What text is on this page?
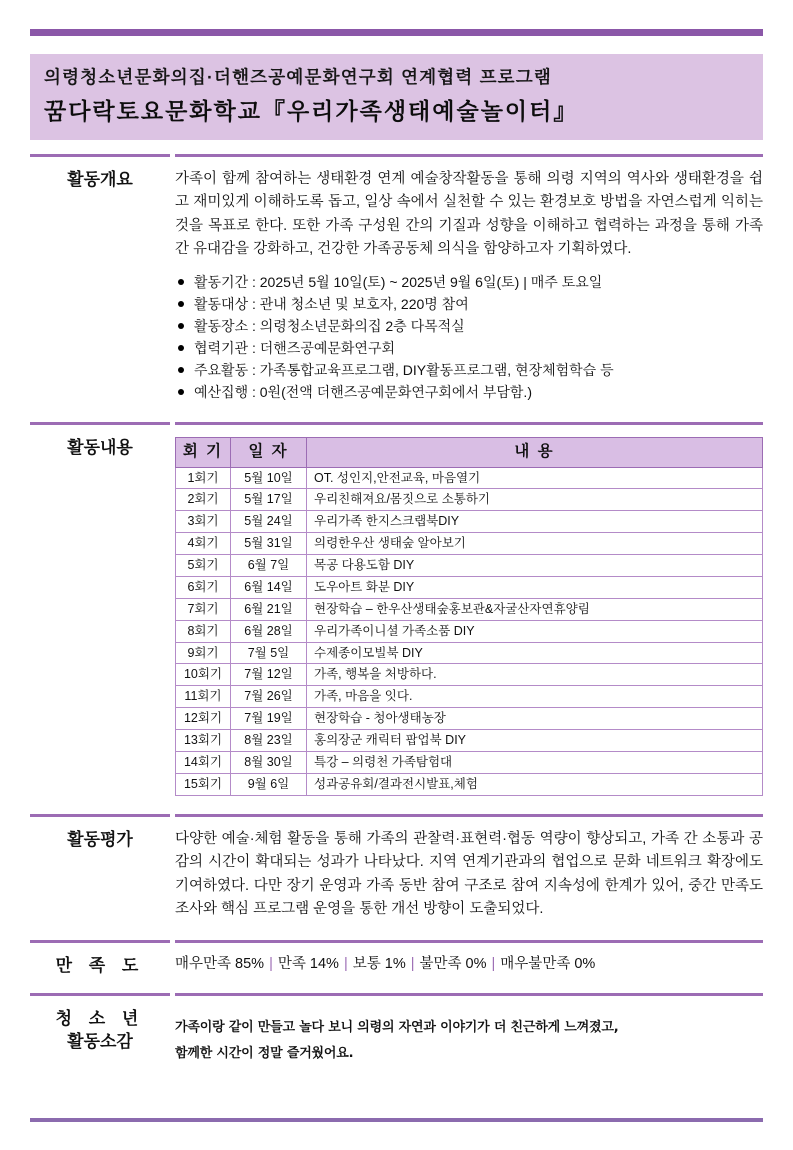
의령청소년문화의집·더핸즈공예문화연구회 연계협력 프로그램
꿈다락토요문화학교『우리가족생태예술놀이터』
활동개요	가족이 함께 참여하는 생태환경 연계 예술창작활동을 통해 의령 지역의 역사와 생태환경을 쉽고 재미있게 이해하도록 돕고, 일상 속에서 실천할 수 있는 환경보호 방법을 자연스럽게 익히는 것을 목표로 한다. 또한 가족 구성원 간의 기질과 성향을 이해하고 협력하는 과정을 통해 가족 간 유대감을 강화하고, 건강한 가족공동체 의식을 함양하고자 기획하였다.
활동기간 : 2025년 5월 10일(토) ~ 2025년 9월 6일(토) | 매주 토요일
활동대상 : 관내 청소년 및 보호자, 220명 참여
활동장소 : 의령청소년문화의집 2층 다목적실
협력기관 : 더핸즈공예문화연구회
주요활동 : 가족통합교육프로그램, DIY활동프로그램, 현장체험학습 등
예산집행 : 0원(전액 더핸즈공예문화연구회에서 부담함.)
활동내용	회 기	일 자	내 용
1회기	5월 10일	OT. 성인지,안전교육, 마음열기
2회기	5월 17일	우리친해져요/몸짓으로 소통하기
3회기	5월 24일	우리가족 한지스크랩북DIY
4회기	5월 31일	의령한우산 생태숲 알아보기
5회기	6월 7일	목공 다용도함 DIY
6회기	6월 14일	도우아트 화분 DIY
7회기	6월 21일	현장학습 – 한우산생태숲홍보관&자굴산자연휴양림
8회기	6월 28일	우리가족이니셜 가족소품 DIY
9회기	7월 5일	수제종이모빌북 DIY
10회기	7월 12일	가족, 행복을 처방하다.
11회기	7월 26일	가족, 마음을 잇다.
12회기	7월 19일	현장학습 - 청아생태농장
13회기	8월 23일	홍의장군 캐릭터 팝업북 DIY
14회기	8월 30일	특강 – 의령천 가족탐험대
15회기	9월 6일	성과공유회/결과전시발표,체험
활동평가	다양한 예술·체험 활동을 통해 가족의 관찰력·표현력·협동 역량이 향상되고, 가족 간 소통과 공감의 시간이 확대되는 성과가 나타났다. 지역 연계기관과의 협업으로 문화 네트워크 확장에도 기여하였다. 다만 장기 운영과 가족 동반 참여 구조로 참여 지속성에 한계가 있어, 중간 만족도 조사와 핵심 프로그램 운영을 통한 개선 방향이 도출되었다.
만 족 도	매우만족 85% | 만족 14% | 보통 1% | 불만족 0% | 매우불만족 0%
청 소 년
활동소감
가족이랑 같이 만들고 놀다 보니 의령의 자연과 이야기가 더 친근하게 느껴졌고,
함께한 시간이 정말 즐거웠어요.
